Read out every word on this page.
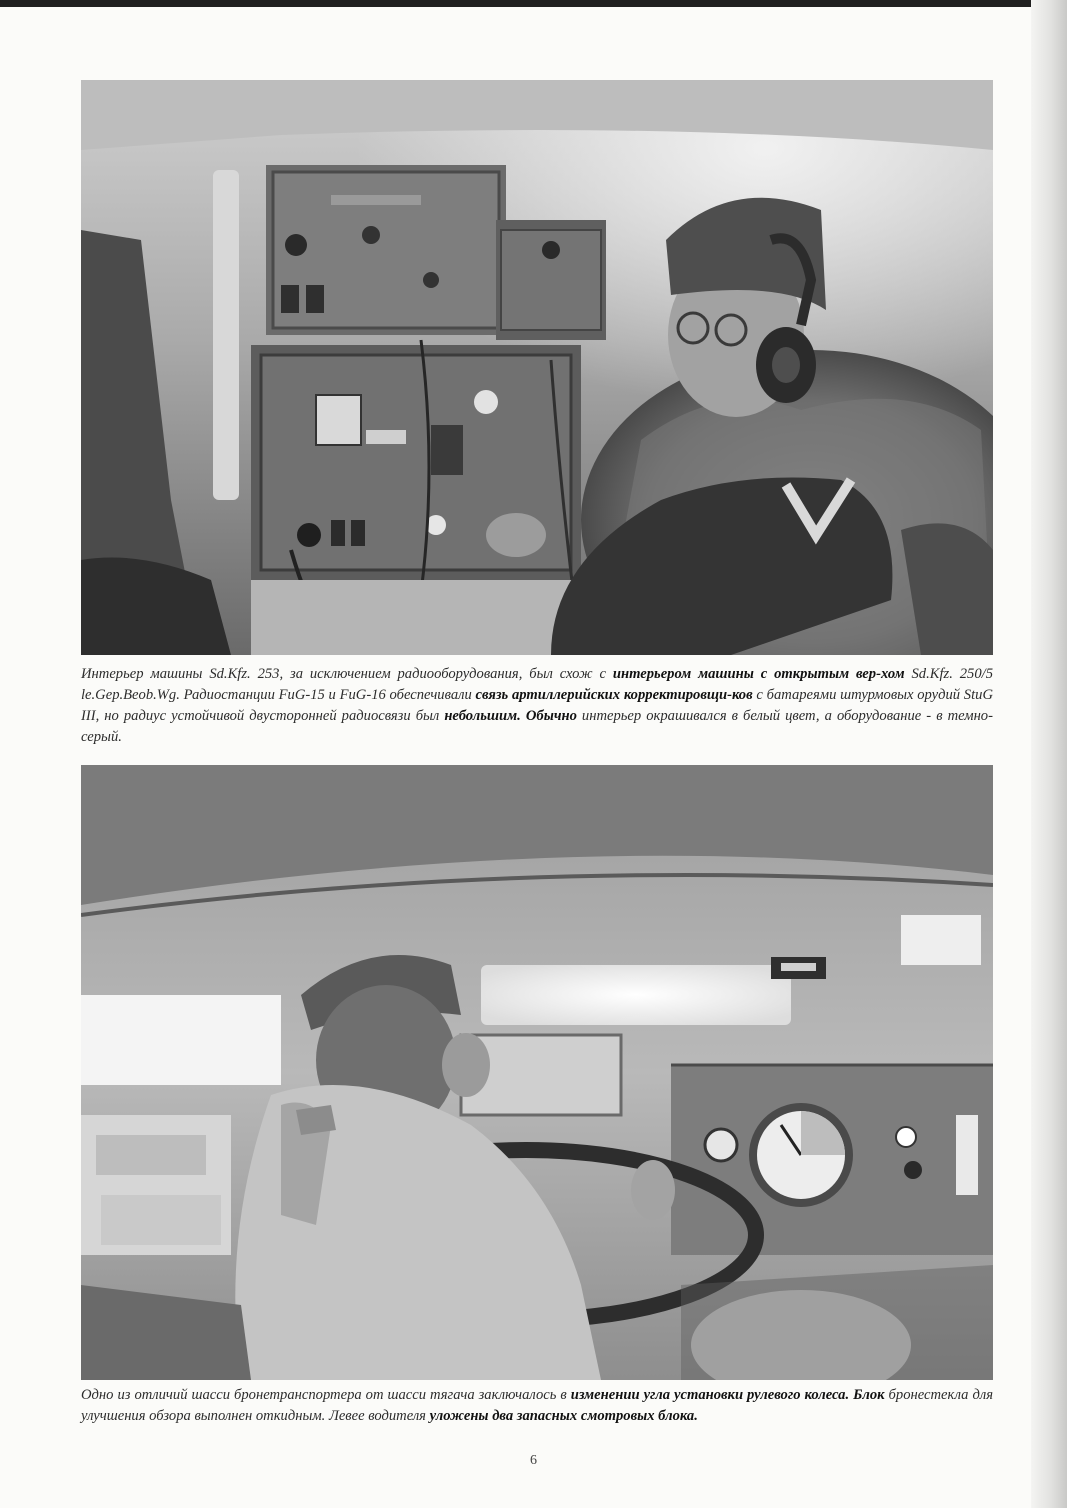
Интерьер машины Sd.Kfz. 253, за исключением радиооборудования, был схож с интерьером машины с открытым вер-хом Sd.Kfz. 250/5 le.Gep.Beob.Wg. Радиостанции FuG-15 и FuG-16 обеспечивали связь артиллерийских корректировщи-ков с батареями штурмовых орудий StuG III, но радиус устойчивой двусторонней радиосвязи был небольшим. Обычно интерьер окрашивался в белый цвет, а оборудование - в темно-серый.

Одно из отличий шасси бронетранспортера от шасси тягача заключалось в изменении угла установки рулевого колеса. Блок бронестекла для улучшения обзора выполнен откидным. Левее водителя уложены два запасных смотровых блока.

6
